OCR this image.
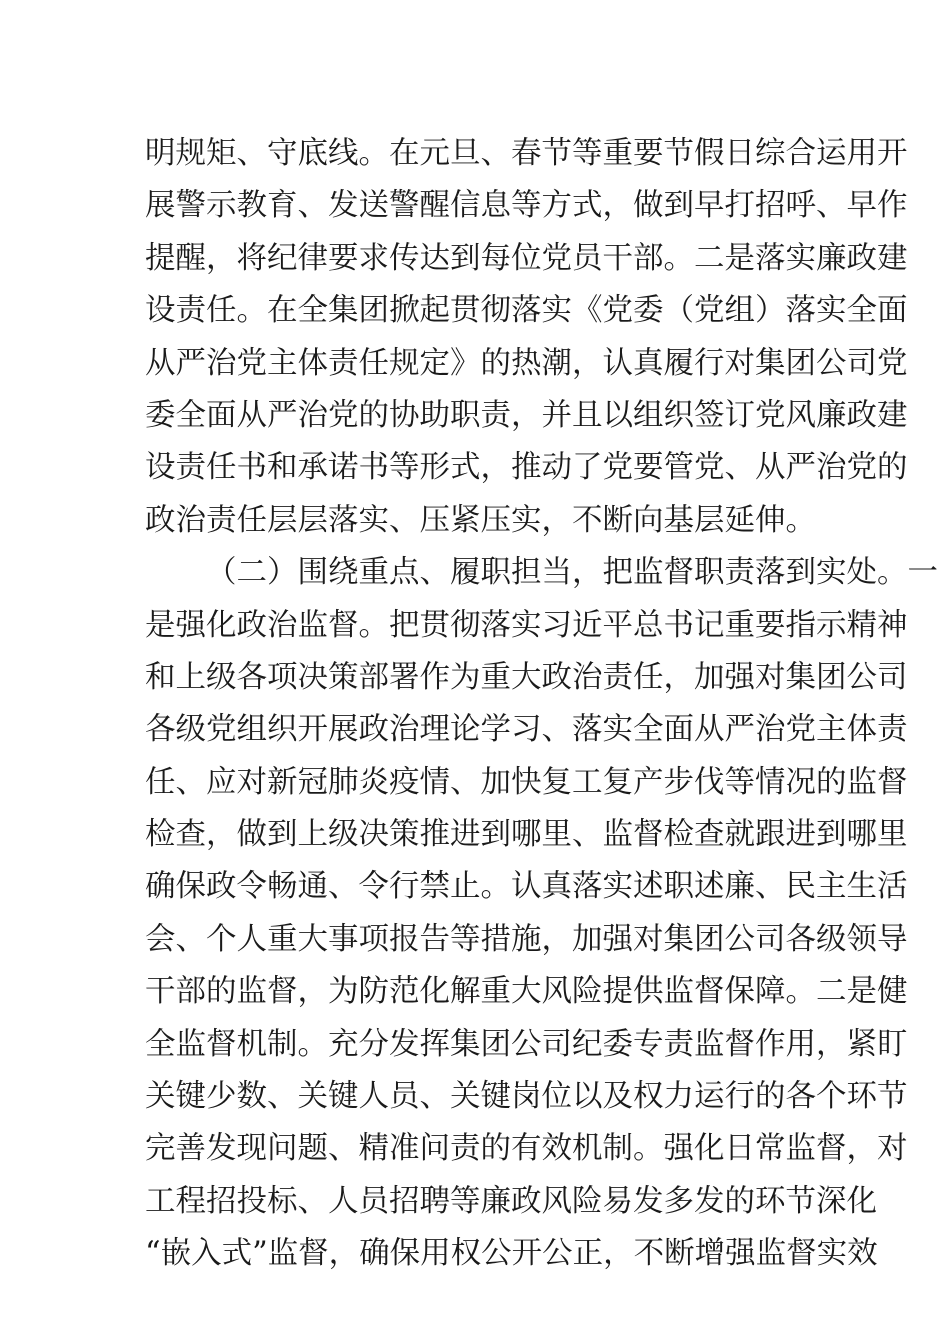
明规矩、守底线。在元旦、春节等重要节假日综合运用开
展警示教育、发送警醒信息等方式，做到早打招呼、早作
提醒，将纪律要求传达到每位党员干部。二是落实廉政建
设责任。在全集团掀起贯彻落实《党委（党组）落实全面
从严治党主体责任规定》的热潮，认真履行对集团公司党
委全面从严治党的协助职责，并且以组织签订党风廉政建
设责任书和承诺书等形式，推动了党要管党、从严治党的
政治责任层层落实、压紧压实，不断向基层延伸。
（二）围绕重点、履职担当，把监督职责落到实处。一
是强化政治监督。把贯彻落实习近平总书记重要指示精神
和上级各项决策部署作为重大政治责任，加强对集团公司
各级党组织开展政治理论学习、落实全面从严治党主体责
任、应对新冠肺炎疫情、加快复工复产步伐等情况的监督
检查，做到上级决策推进到哪里、监督检查就跟进到哪里
确保政令畅通、令行禁止。认真落实述职述廉、民主生活
会、个人重大事项报告等措施，加强对集团公司各级领导
干部的监督，为防范化解重大风险提供监督保障。二是健
全监督机制。充分发挥集团公司纪委专责监督作用，紧盯
关键少数、关键人员、关键岗位以及权力运行的各个环节
完善发现问题、精准问责的有效机制。强化日常监督，对
工程招投标、人员招聘等廉政风险易发多发的环节深化
“嵌入式”监督，确保用权公开公正，不断增强监督实效
